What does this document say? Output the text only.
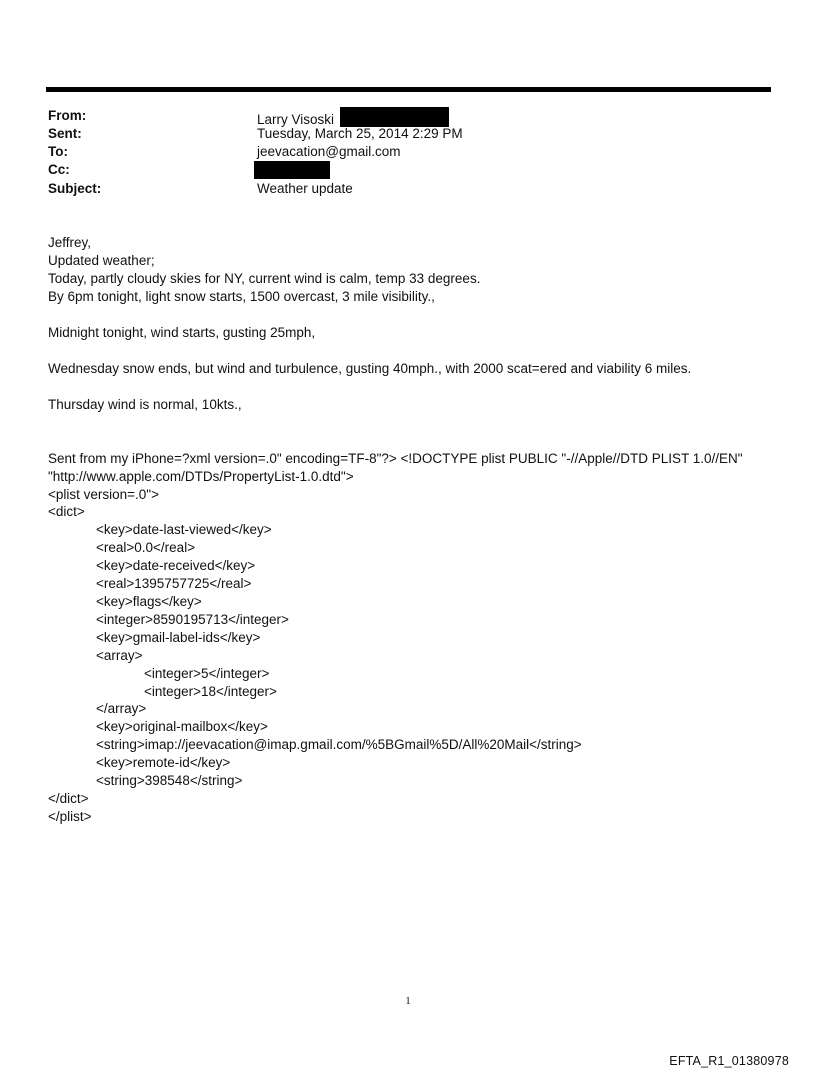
From:	Larry Visoski
Sent:	Tuesday, March 25, 2014 2:29 PM
To:	jeevacation@gmail.com
Cc:
Subject:	Weather update
Jeffrey,
Updated weather;
Today, partly cloudy skies for NY, current wind is calm, temp 33 degrees.
By 6pm tonight, light snow starts, 1500 overcast, 3 mile visibility.,
Midnight tonight, wind starts, gusting 25mph,
Wednesday snow ends, but wind and turbulence, gusting 40mph., with 2000 scat=ered and viability 6 miles.
Thursday wind is normal, 10kts.,
Sent from my iPhone=?xml version=.0" encoding=TF-8"?> <!DOCTYPE plist PUBLIC "-//Apple//DTD PLIST 1.0//EN"
"http://www.apple.com/DTDs/PropertyList-1.0.dtd">
<plist version=.0">
<dict>
<key>date-last-viewed</key>
<real>0.0</real>
<key>date-received</key>
<real>1395757725</real>
<key>flags</key>
<integer>8590195713</integer>
<key>gmail-label-ids</key>
<array>
<integer>5</integer>
<integer>18</integer>
</array>
<key>original-mailbox</key>
<string>imap://jeevacation@imap.gmail.com/%5BGmail%5D/All%20Mail</string>
<key>remote-id</key>
<string>398548</string>
</dict>
</plist>
1
EFTA_R1_01380978
